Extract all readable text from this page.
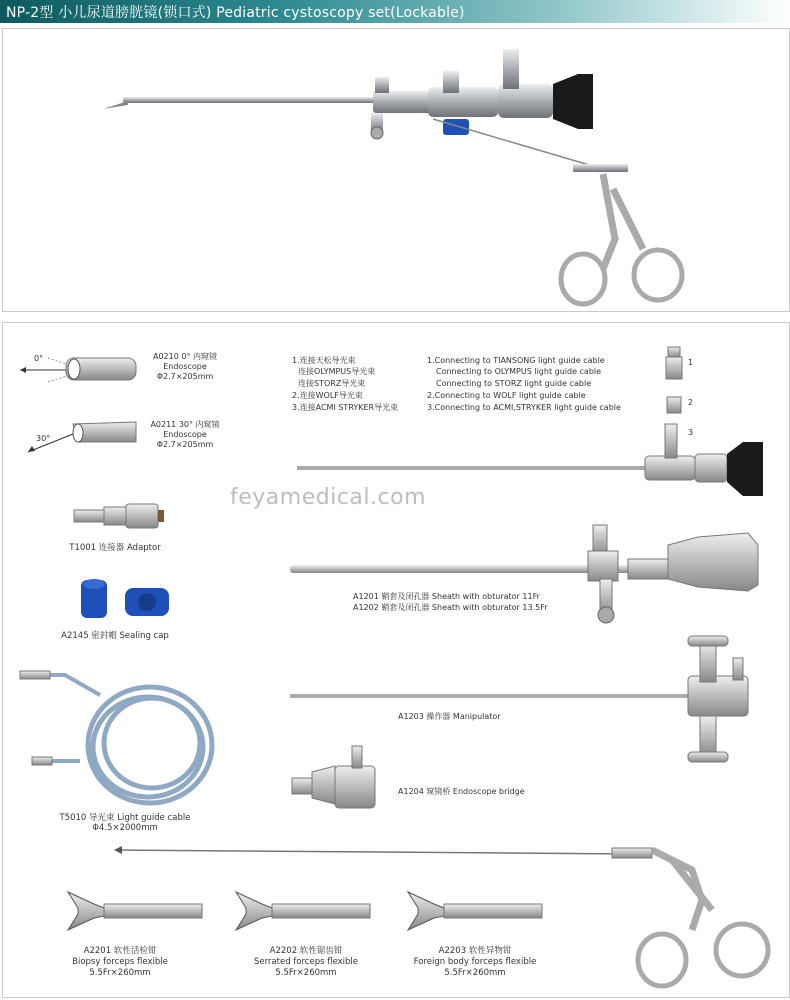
NP-2型 小儿尿道膀胱镜(锁口式) Pediatric cystoscopy set(Lockable)
feyamedical.com
0°	A0210 0° 内窥镜
Endoscope
Φ2.7×205mm
30°
A0211 30° 内窥镜
Endoscope
Φ2.7×205mm
1.连接天松导光束
连接OLYMPUS导光束
连接STORZ导光束
2.连接WOLF导光束
3.连接ACMI STRYKER导光束
1.Connecting to TIANSONG light guide cable
Connecting to OLYMPUS light guide cable
Connecting to STORZ light guide cable
2.Connecting to WOLF light guide cable
3.Connecting to ACMI,STRYKER light guide cable
1
2
3
T1001 连接器 Adaptor
A2145 密封帽 Sealing cap
T5010 导光束 Light guide cable
Φ4.5×2000mm
A1201 鞘套及闭孔器 Sheath with obturator 11Fr
A1202 鞘套及闭孔器 Sheath with obturator 13.5Fr
A1203 操作器 Manipulator
A1204 窥镜桥 Endoscope bridge
A2201 软性活检钳
Biopsy forceps flexible
5.5Fr×260mm
A2202 软性锯齿钳
Serrated forceps flexible
5.5Fr×260mm
A2203 软性异物钳
Foreign body forceps flexible
5.5Fr×260mm
